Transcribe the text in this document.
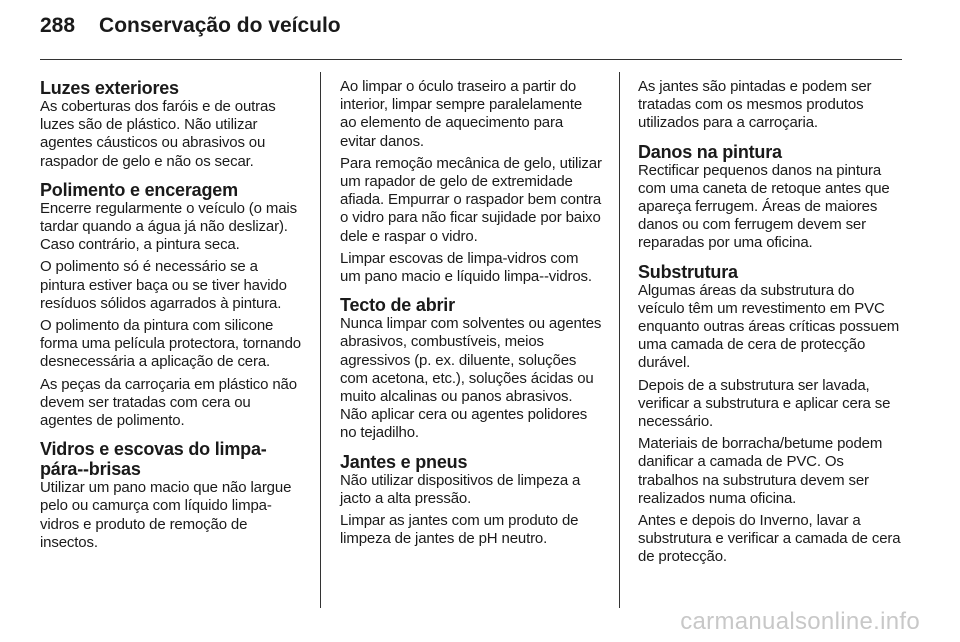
288 Conservação do veículo
Luzes exteriores

As coberturas dos faróis e de outras luzes são de plástico. Não utilizar agentes cáusticos ou abrasivos ou raspador de gelo e não os secar.

Polimento e enceragem

Encerre regularmente o veículo (o mais tardar quando a água já não deslizar). Caso contrário, a pintura seca.

O polimento só é necessário se a pintura estiver baça ou se tiver havido resíduos sólidos agarrados à pintura.

O polimento da pintura com silicone forma uma película protectora, tornando desnecessária a aplicação de cera.

As peças da carroçaria em plástico não devem ser tratadas com cera ou agentes de polimento.

Vidros e escovas do limpa-pára--brisas

Utilizar um pano macio que não largue pelo ou camurça com líquido limpa-vidros e produto de remoção de insectos.

Ao limpar o óculo traseiro a partir do interior, limpar sempre paralelamente ao elemento de aquecimento para evitar danos.

Para remoção mecânica de gelo, utilizar um rapador de gelo de extremidade afiada. Empurrar o raspador bem contra o vidro para não ficar sujidade por baixo dele e raspar o vidro.

Limpar escovas de limpa-vidros com um pano macio e líquido limpa--vidros.

Tecto de abrir

Nunca limpar com solventes ou agentes abrasivos, combustíveis, meios agressivos (p. ex. diluente, soluções com acetona, etc.), soluções ácidas ou muito alcalinas ou panos abrasivos. Não aplicar cera ou agentes polidores no tejadilho.

Jantes e pneus

Não utilizar dispositivos de limpeza a jacto a alta pressão.

Limpar as jantes com um produto de limpeza de jantes de pH neutro.

As jantes são pintadas e podem ser tratadas com os mesmos produtos utilizados para a carroçaria.

Danos na pintura

Rectificar pequenos danos na pintura com uma caneta de retoque antes que apareça ferrugem. Áreas de maiores danos ou com ferrugem devem ser reparadas por uma oficina.

Substrutura

Algumas áreas da substrutura do veículo têm um revestimento em PVC enquanto outras áreas críticas possuem uma camada de cera de protecção durável.

Depois de a substrutura ser lavada, verificar a substrutura e aplicar cera se necessário.

Materiais de borracha/betume podem danificar a camada de PVC. Os trabalhos na substrutura devem ser realizados numa oficina.

Antes e depois do Inverno, lavar a substrutura e verificar a camada de cera de protecção.

carmanualsonline.info
